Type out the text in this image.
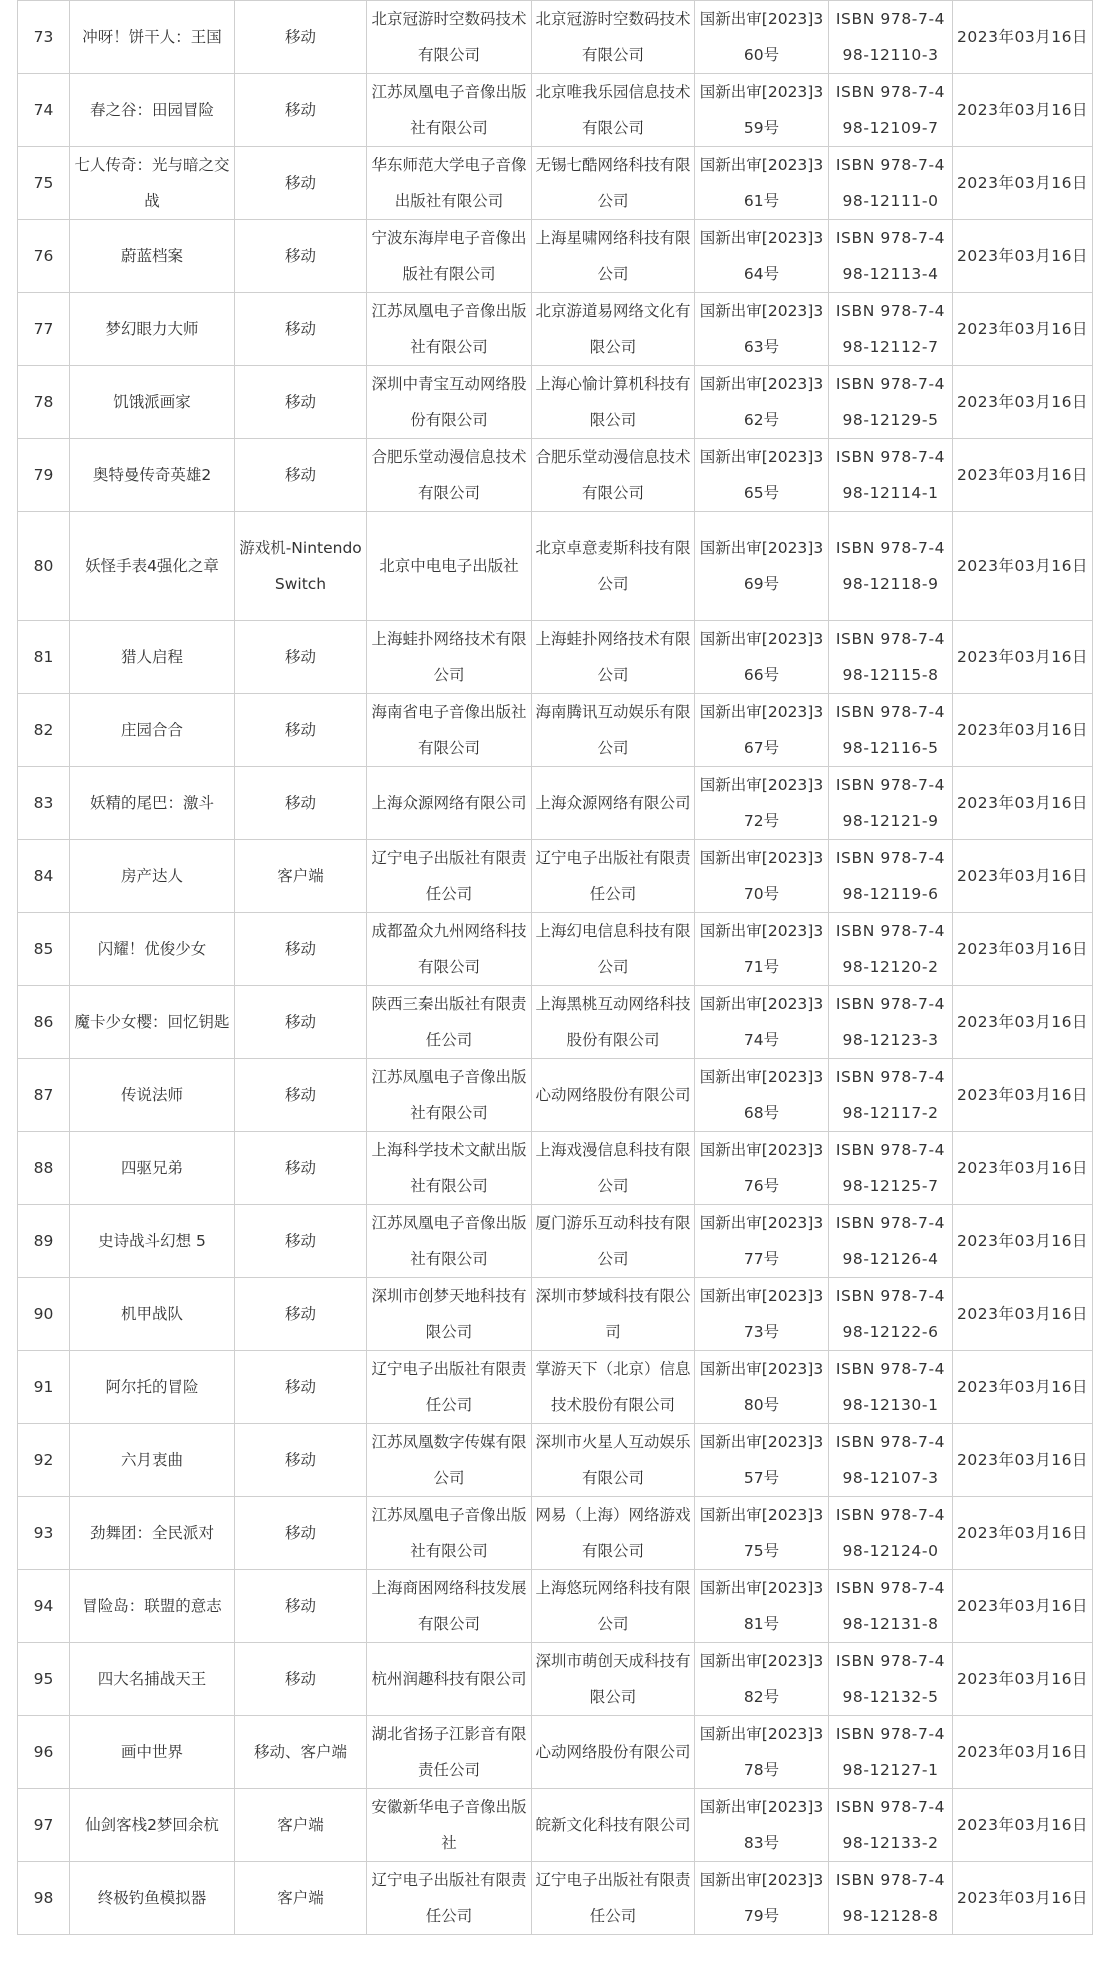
73	冲呀！饼干人：王国	移动	北京冠游时空数码技术有限公司	北京冠游时空数码技术有限公司	国新出审[2023]360号	ISBN 978-7-498-12110-3	2023年03月16日
74	春之谷：田园冒险	移动	江苏凤凰电子音像出版社有限公司	北京唯我乐园信息技术有限公司	国新出审[2023]359号	ISBN 978-7-498-12109-7	2023年03月16日
75	七人传奇：光与暗之交战	移动	华东师范大学电子音像出版社有限公司	无锡七酷网络科技有限公司	国新出审[2023]361号	ISBN 978-7-498-12111-0	2023年03月16日
76	蔚蓝档案	移动	宁波东海岸电子音像出版社有限公司	上海星啸网络科技有限公司	国新出审[2023]364号	ISBN 978-7-498-12113-4	2023年03月16日
77	梦幻眼力大师	移动	江苏凤凰电子音像出版社有限公司	北京游道易网络文化有限公司	国新出审[2023]363号	ISBN 978-7-498-12112-7	2023年03月16日
78	饥饿派画家	移动	深圳中青宝互动网络股份有限公司	上海心愉计算机科技有限公司	国新出审[2023]362号	ISBN 978-7-498-12129-5	2023年03月16日
79	奥特曼传奇英雄2	移动	合肥乐堂动漫信息技术有限公司	合肥乐堂动漫信息技术有限公司	国新出审[2023]365号	ISBN 978-7-498-12114-1	2023年03月16日
80	妖怪手表4强化之章	游戏机-Nintendo Switch	北京中电电子出版社	北京卓意麦斯科技有限公司	国新出审[2023]369号	ISBN 978-7-498-12118-9	2023年03月16日
81	猎人启程	移动	上海蛙扑网络技术有限公司	上海蛙扑网络技术有限公司	国新出审[2023]366号	ISBN 978-7-498-12115-8	2023年03月16日
82	庄园合合	移动	海南省电子音像出版社有限公司	海南腾讯互动娱乐有限公司	国新出审[2023]367号	ISBN 978-7-498-12116-5	2023年03月16日
83	妖精的尾巴：激斗	移动	上海众源网络有限公司	上海众源网络有限公司	国新出审[2023]372号	ISBN 978-7-498-12121-9	2023年03月16日
84	房产达人	客户端	辽宁电子出版社有限责任公司	辽宁电子出版社有限责任公司	国新出审[2023]370号	ISBN 978-7-498-12119-6	2023年03月16日
85	闪耀！优俊少女	移动	成都盈众九州网络科技有限公司	上海幻电信息科技有限公司	国新出审[2023]371号	ISBN 978-7-498-12120-2	2023年03月16日
86	魔卡少女樱：回忆钥匙	移动	陕西三秦出版社有限责任公司	上海黑桃互动网络科技股份有限公司	国新出审[2023]374号	ISBN 978-7-498-12123-3	2023年03月16日
87	传说法师	移动	江苏凤凰电子音像出版社有限公司	心动网络股份有限公司	国新出审[2023]368号	ISBN 978-7-498-12117-2	2023年03月16日
88	四驱兄弟	移动	上海科学技术文献出版社有限公司	上海戏漫信息科技有限公司	国新出审[2023]376号	ISBN 978-7-498-12125-7	2023年03月16日
89	史诗战斗幻想 5	移动	江苏凤凰电子音像出版社有限公司	厦门游乐互动科技有限公司	国新出审[2023]377号	ISBN 978-7-498-12126-4	2023年03月16日
90	机甲战队	移动	深圳市创梦天地科技有限公司	深圳市梦域科技有限公司	国新出审[2023]373号	ISBN 978-7-498-12122-6	2023年03月16日
91	阿尔托的冒险	移动	辽宁电子出版社有限责任公司	掌游天下（北京）信息技术股份有限公司	国新出审[2023]380号	ISBN 978-7-498-12130-1	2023年03月16日
92	六月衷曲	移动	江苏凤凰数字传媒有限公司	深圳市火星人互动娱乐有限公司	国新出审[2023]357号	ISBN 978-7-498-12107-3	2023年03月16日
93	劲舞团：全民派对	移动	江苏凤凰电子音像出版社有限公司	网易（上海）网络游戏有限公司	国新出审[2023]375号	ISBN 978-7-498-12124-0	2023年03月16日
94	冒险岛：联盟的意志	移动	上海商困网络科技发展有限公司	上海悠玩网络科技有限公司	国新出审[2023]381号	ISBN 978-7-498-12131-8	2023年03月16日
95	四大名捕战天王	移动	杭州润趣科技有限公司	深圳市萌创天成科技有限公司	国新出审[2023]382号	ISBN 978-7-498-12132-5	2023年03月16日
96	画中世界	移动、客户端	湖北省扬子江影音有限责任公司	心动网络股份有限公司	国新出审[2023]378号	ISBN 978-7-498-12127-1	2023年03月16日
97	仙剑客栈2梦回余杭	客户端	安徽新华电子音像出版社	皖新文化科技有限公司	国新出审[2023]383号	ISBN 978-7-498-12133-2	2023年03月16日
98	终极钓鱼模拟器	客户端	辽宁电子出版社有限责任公司	辽宁电子出版社有限责任公司	国新出审[2023]379号	ISBN 978-7-498-12128-8	2023年03月16日
